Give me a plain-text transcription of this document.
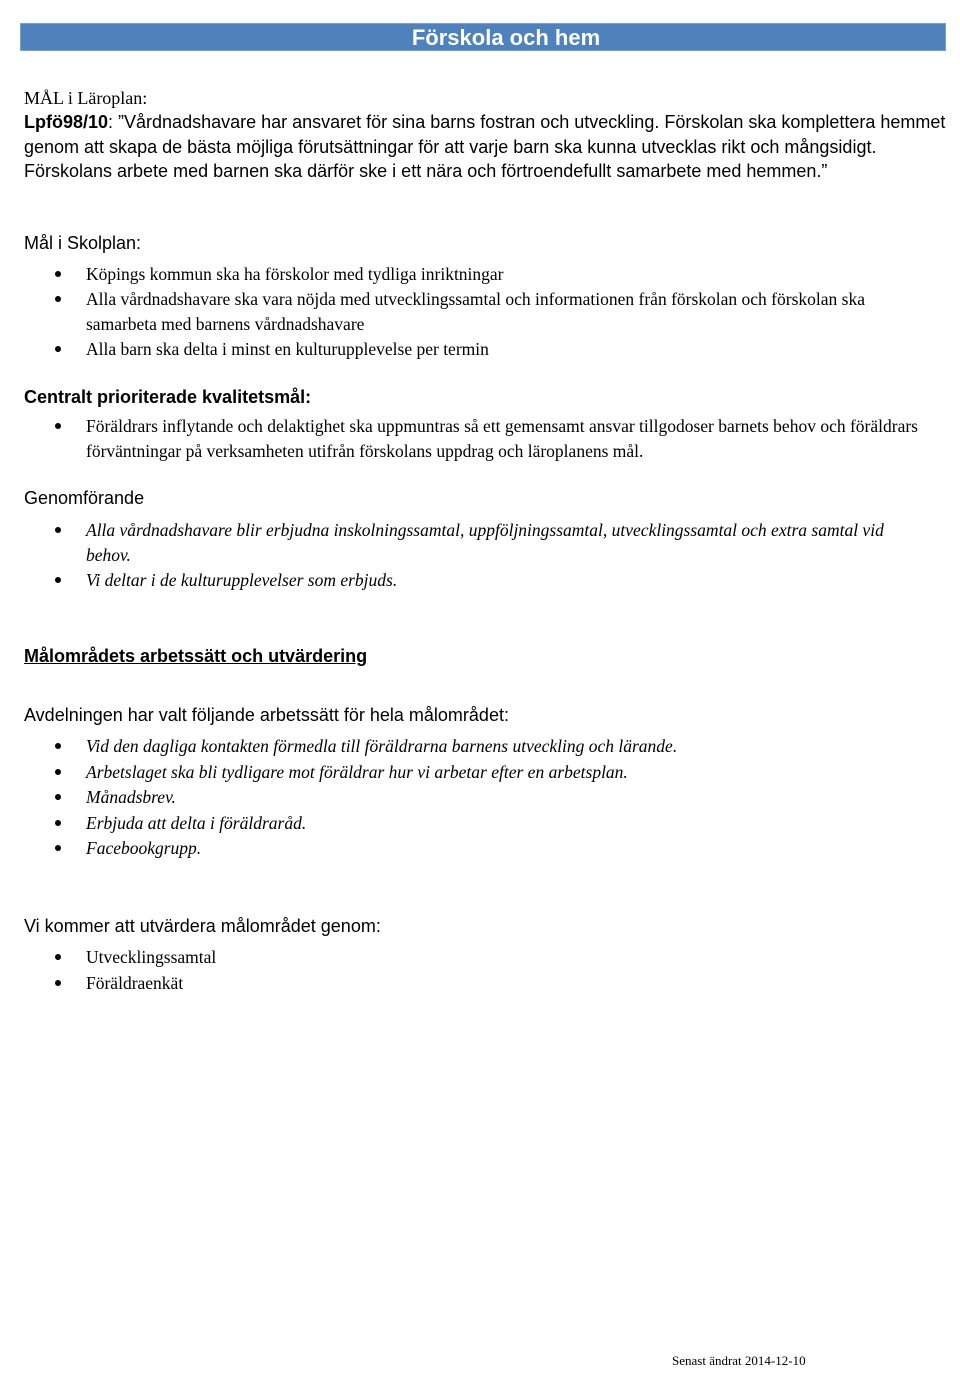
Förskola och hem
MÅL i Läroplan:
Lpfö98/10: ”Vårdnadshavare har ansvaret för sina barns fostran och utveckling. Förskolan ska komplettera hemmet genom att skapa de bästa möjliga förutsättningar för att varje barn ska kunna utvecklas rikt och mångsidigt. Förskolans arbete med barnen ska därför ske i ett nära och förtroendefullt samarbete med hemmen.”
Mål i Skolplan:
Köpings kommun ska ha förskolor med tydliga inriktningar
Alla vårdnadshavare ska vara nöjda med utvecklingssamtal och informationen från förskolan och förskolan ska samarbeta med barnens vårdnadshavare
Alla barn ska delta i minst en kulturupplevelse per termin
Centralt prioriterade kvalitetsmål:
Föräldrars inflytande och delaktighet ska uppmuntras så ett gemensamt ansvar tillgodoser barnets behov och föräldrars förväntningar på verksamheten utifrån förskolans uppdrag och läroplanens mål.
Genomförande
Alla vårdnadshavare blir erbjudna inskolningssamtal, uppföljningssamtal, utvecklingssamtal och extra samtal vid behov.
Vi deltar i de kulturupplevelser som erbjuds.
Målområdets arbetssätt och utvärdering
Avdelningen har valt följande arbetssätt för hela målområdet:
Vid den dagliga kontakten förmedla till föräldrarna barnens utveckling och lärande.
Arbetslaget ska bli tydligare mot föräldrar hur vi arbetar efter en arbetsplan.
Månadsbrev.
Erbjuda att delta i föräldraråd.
Facebookgrupp.
Vi kommer att utvärdera målområdet genom:
Utvecklingssamtal
Föräldraenkät
Senast ändrat 2014-12-10
